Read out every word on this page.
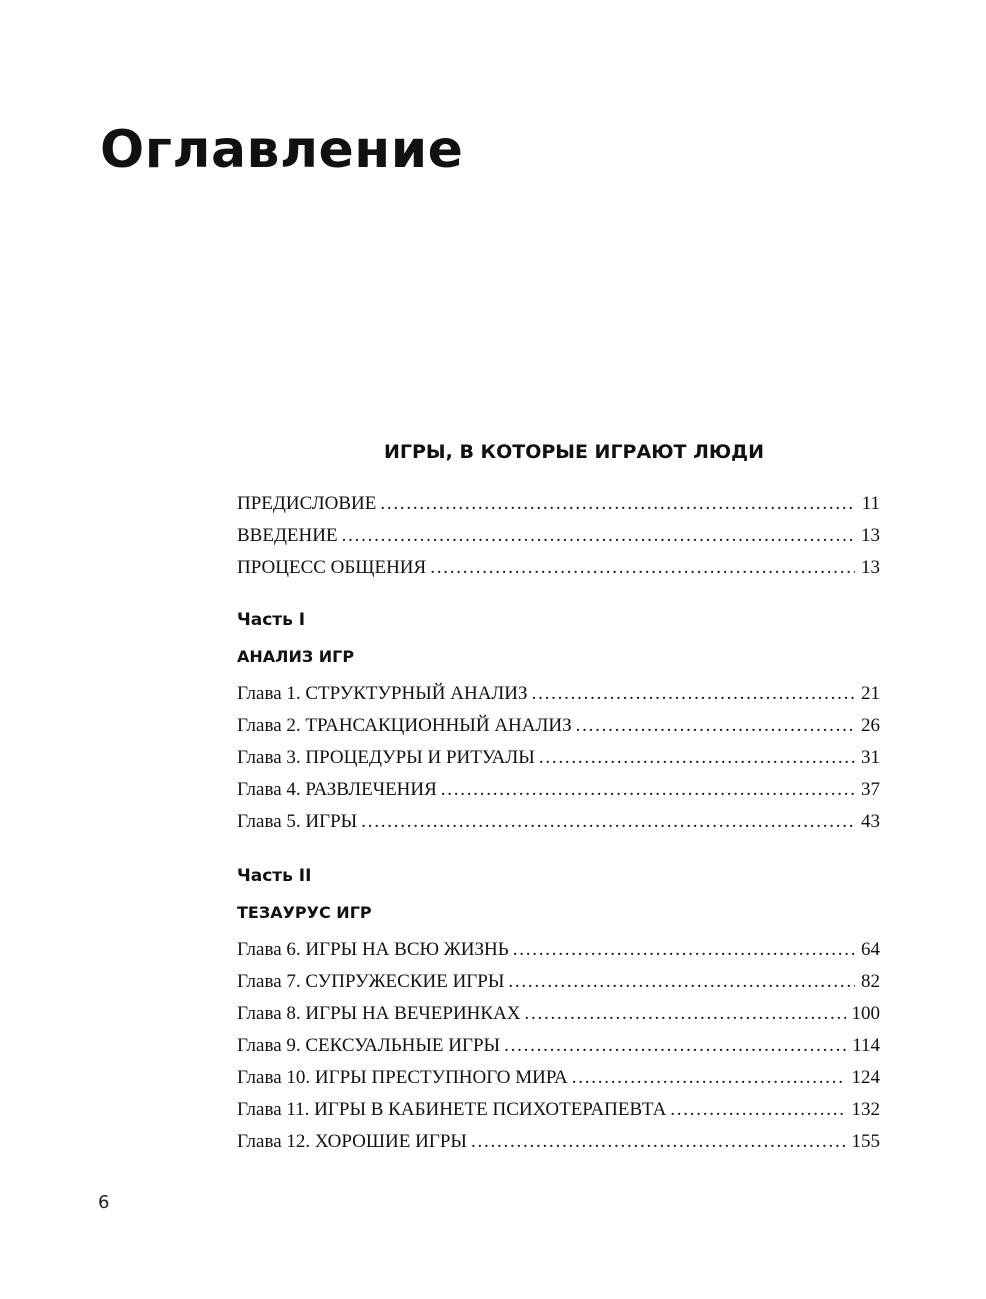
Оглавление
ИГРЫ, В КОТОРЫЕ ИГРАЮТ ЛЮДИ
ПРЕДИСЛОВИЕ . . .	11
ВВЕДЕНИЕ . . .	13
ПРОЦЕСС ОБЩЕНИЯ . . .	13
Часть I
АНАЛИЗ ИГР
Глава 1. СТРУКТУРНЫЙ АНАЛИЗ . . .	21
Глава 2. ТРАНСАКЦИОННЫЙ АНАЛИЗ . . .	26
Глава 3. ПРОЦЕДУРЫ И РИТУАЛЫ . . .	31
Глава 4. РАЗВЛЕЧЕНИЯ . . .	37
Глава 5. ИГРЫ . . .	43
Часть II
ТЕЗАУРУС ИГР
Глава 6. ИГРЫ НА ВСЮ ЖИЗНЬ . . .	64
Глава 7. СУПРУЖЕСКИЕ ИГРЫ . . .	82
Глава 8. ИГРЫ НА ВЕЧЕРИНКАХ . . .	100
Глава 9. СЕКСУАЛЬНЫЕ ИГРЫ . . .	114
Глава 10. ИГРЫ ПРЕСТУПНОГО МИРА . . .	124
Глава 11. ИГРЫ В КАБИНЕТЕ ПСИХОТЕРАПЕВТА . . .	132
Глава 12. ХОРОШИЕ ИГРЫ . . .	155
6
